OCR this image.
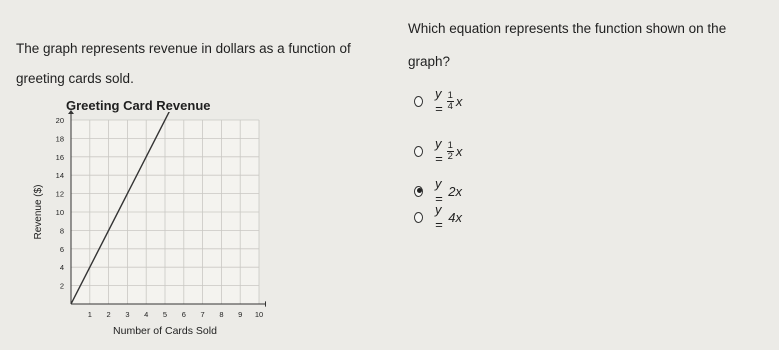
The graph represents revenue in dollars as a function of greeting cards sold.

Which equation represents the function shown on the graph?

Greeting Card Revenue
1 2 3 4 5 6 7 8 9 10
2
4
6
8
10
12
14
16
18
20
Number of Cards Sold
Revenue ($)
$y = \frac{1}{4}$ x
$y = \frac{1}{2}$ x
y =
2x
y =
4x
